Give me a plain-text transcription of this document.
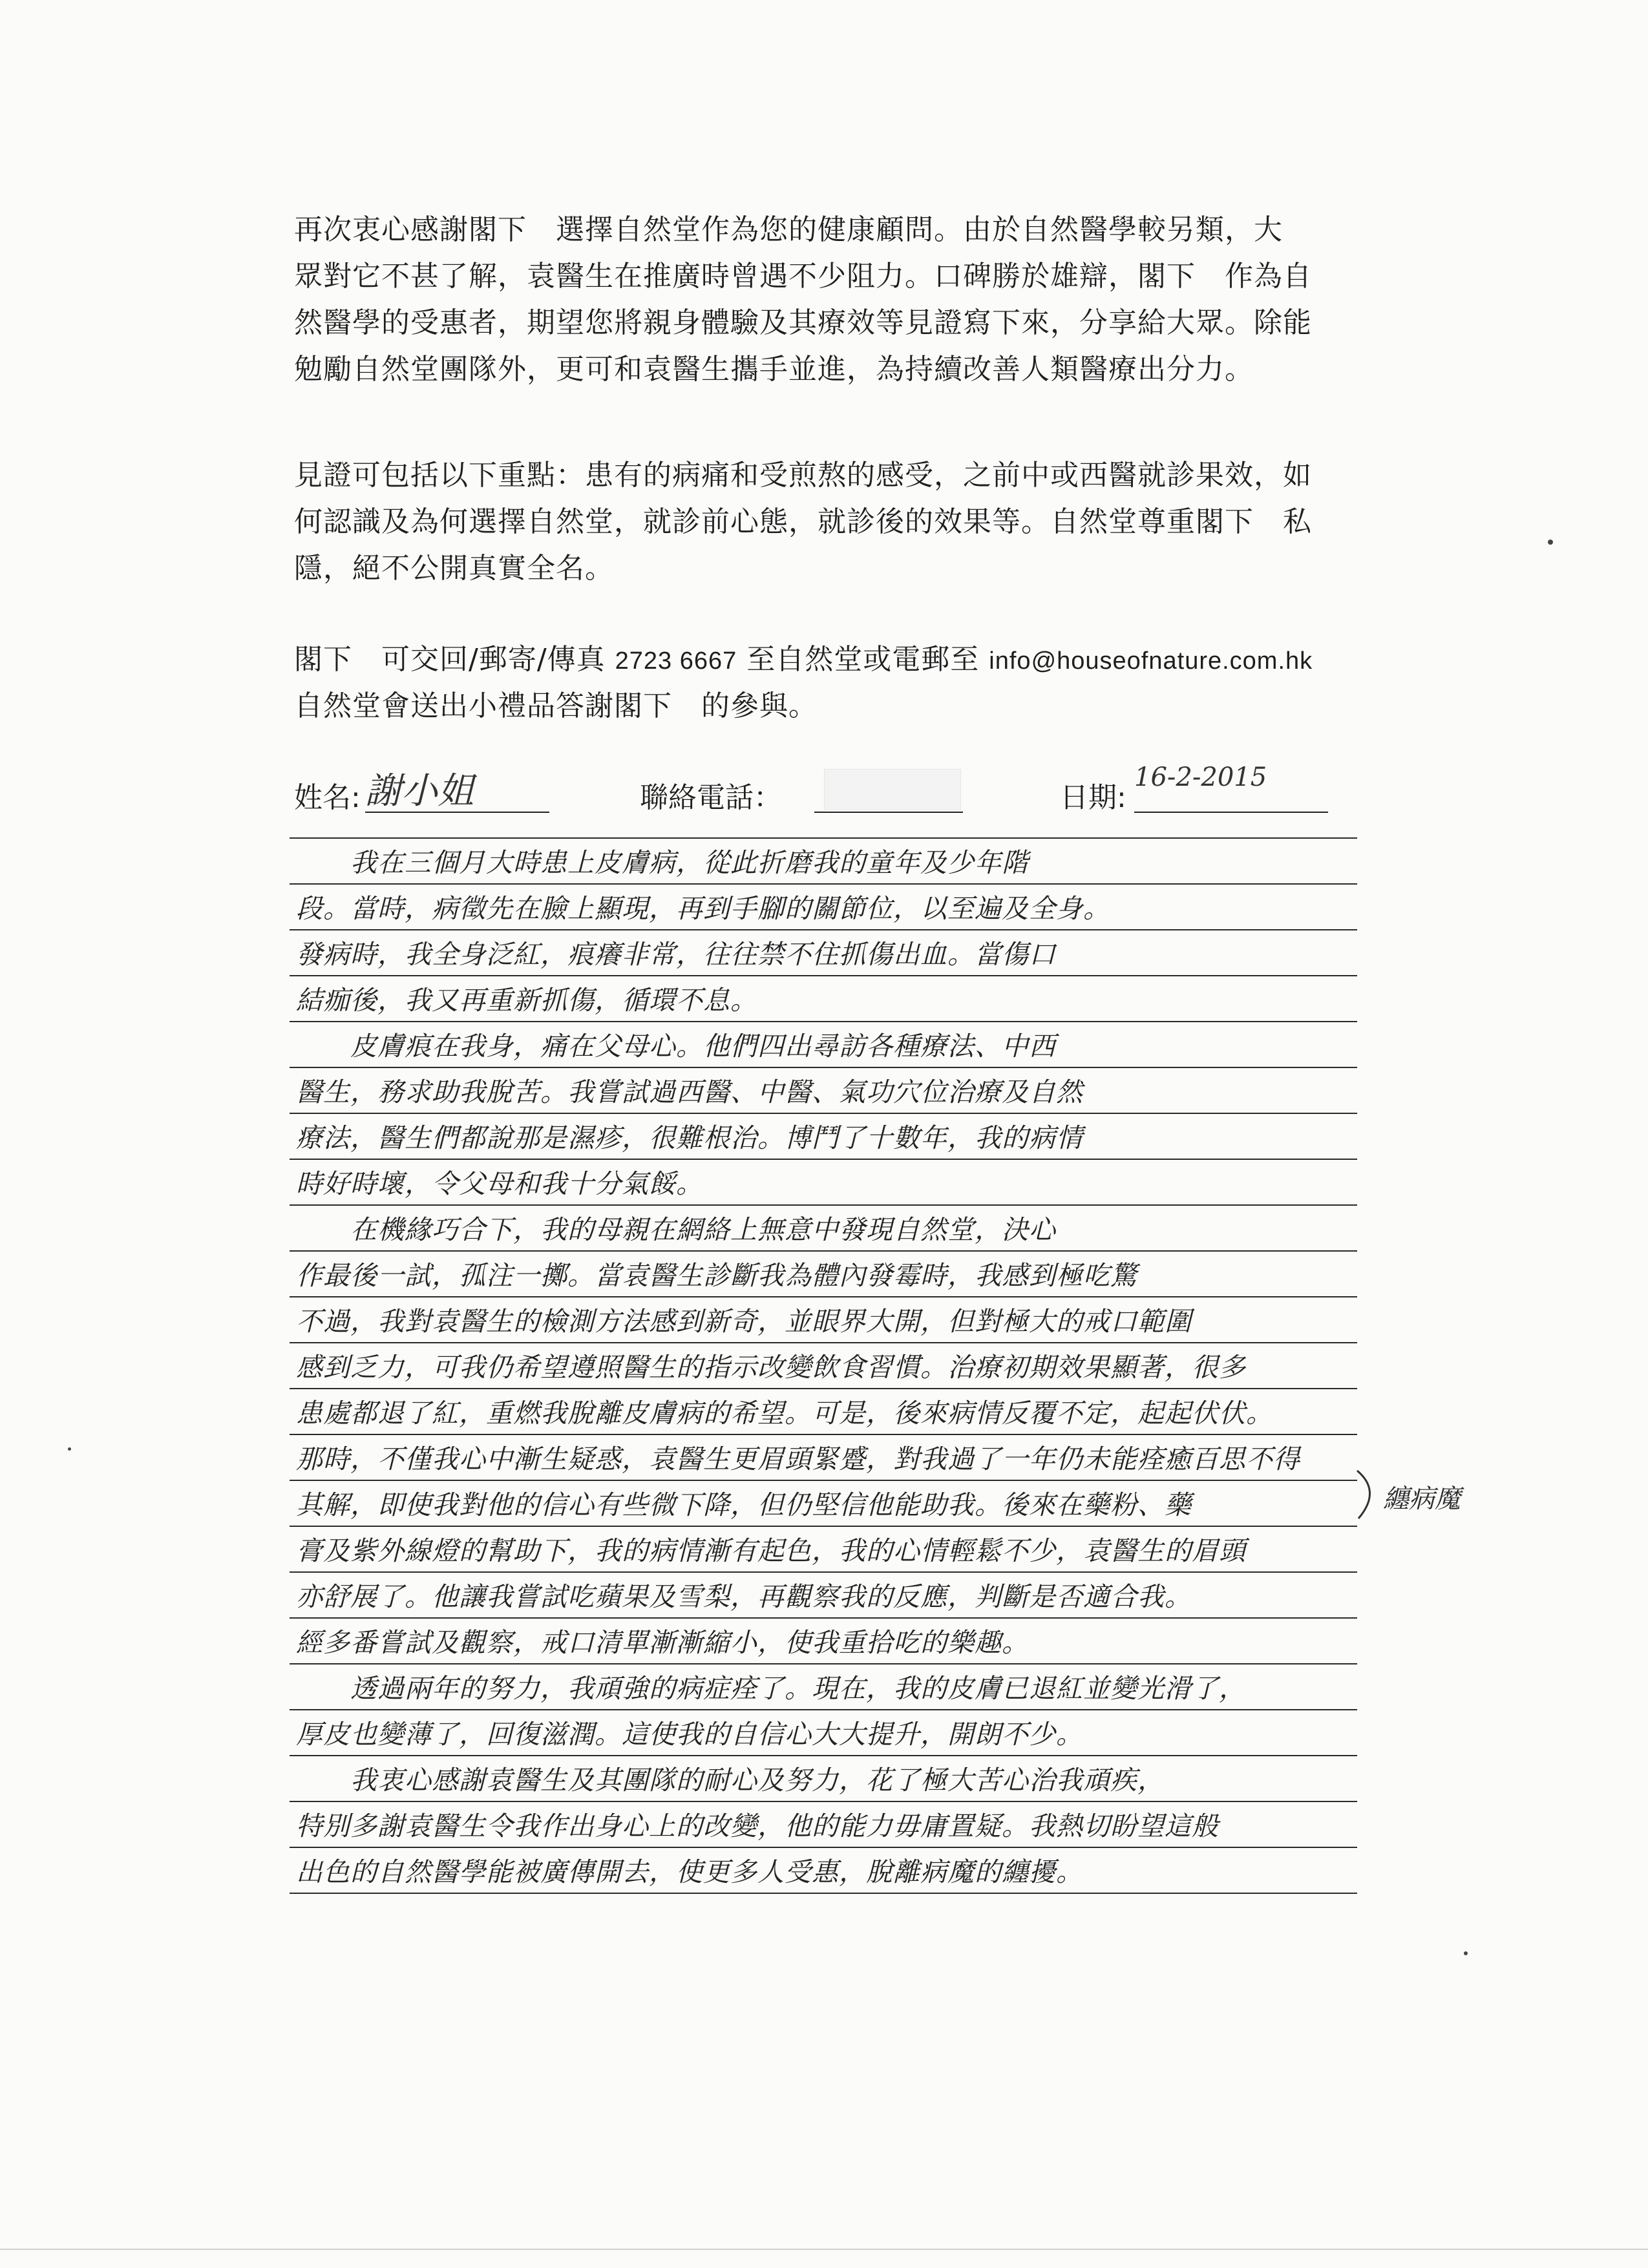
再次衷心感謝閣下　選擇自然堂作為您的健康顧問。由於自然醫學較另類，大
眾對它不甚了解，袁醫生在推廣時曾遇不少阻力。口碑勝於雄辯，閣下　作為自
然醫學的受惠者，期望您將親身體驗及其療效等見證寫下來，分享給大眾。除能
勉勵自然堂團隊外，更可和袁醫生攜手並進，為持續改善人類醫療出分力。
見證可包括以下重點：患有的病痛和受煎熬的感受，之前中或西醫就診果效，如
何認識及為何選擇自然堂，就診前心態，就診後的效果等。自然堂尊重閣下　私
隱，絕不公開真實全名。
閣下　可交回/郵寄/傳真 2723 6667 至自然堂或電郵至 info@houseofnature.com.hk
自然堂會送出小禮品答謝閣下　的參與。
姓名: 謝小姐	聯絡電話：	日期:
16-2-2015
　　我在三個月大時患上皮膚病，從此折磨我的童年及少年階
段。當時，病徵先在臉上顯現，再到手腳的關節位，以至遍及全身。
發病時，我全身泛紅，痕癢非常，往往禁不住抓傷出血。當傷口
結痂後，我又再重新抓傷，循環不息。
　　皮膚痕在我身，痛在父母心。他們四出尋訪各種療法、中西
醫生，務求助我脫苦。我嘗試過西醫、中醫、氣功穴位治療及自然
療法，醫生們都說那是濕疹，很難根治。博鬥了十數年，我的病情
時好時壞，令父母和我十分氣餒。
　　在機緣巧合下，我的母親在網絡上無意中發現自然堂，決心
作最後一試，孤注一擲。當袁醫生診斷我為體內發霉時，我感到極吃驚
不過，我對袁醫生的檢測方法感到新奇，並眼界大開，但對極大的戒口範圍
感到乏力，可我仍希望遵照醫生的指示改變飲食習慣。治療初期效果顯著，很多
患處都退了紅，重燃我脫離皮膚病的希望。可是，後來病情反覆不定，起起伏伏。
那時，不僅我心中漸生疑惑，袁醫生更眉頭緊蹙，對我過了一年仍未能痊癒百思不得
其解，即使我對他的信心有些微下降，但仍堅信他能助我。後來在藥粉、藥
膏及紫外線燈的幫助下，我的病情漸有起色，我的心情輕鬆不少，袁醫生的眉頭
亦舒展了。他讓我嘗試吃蘋果及雪梨，再觀察我的反應，判斷是否適合我。
經多番嘗試及觀察，戒口清單漸漸縮小，使我重拾吃的樂趣。
　　透過兩年的努力，我頑強的病症痊了。現在，我的皮膚已退紅並變光滑了，
厚皮也變薄了，回復滋潤。這使我的自信心大大提升，開朗不少。
　　我衷心感謝袁醫生及其團隊的耐心及努力，花了極大苦心治我頑疾，
特別多謝袁醫生令我作出身心上的改變，他的能力毋庸置疑。我熱切盼望這般
出色的自然醫學能被廣傳開去，使更多人受惠，脫離病魔的纏擾。
纏病魔
